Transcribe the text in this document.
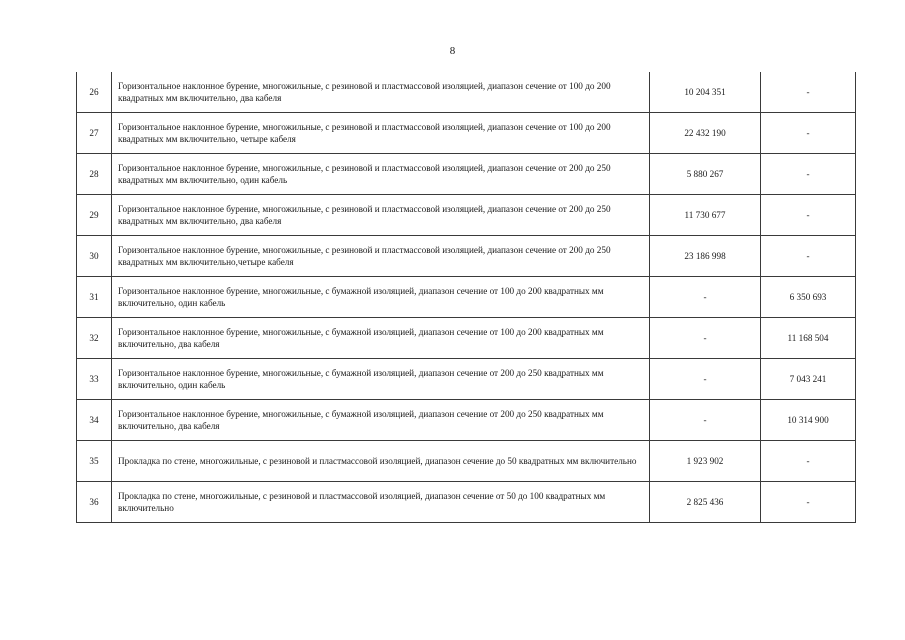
8
26	Горизонтальное наклонное бурение, многожильные, с резиновой и пластмассовой изоляцией, диапазон сечение от 100 до 200 квадратных мм включительно, два кабеля	10 204 351	-
27	Горизонтальное наклонное бурение, многожильные, с резиновой и пластмассовой изоляцией, диапазон сечение от 100 до 200 квадратных мм включительно, четыре кабеля	22 432 190	-
28	Горизонтальное наклонное бурение, многожильные, с резиновой и пластмассовой изоляцией, диапазон сечение от 200 до 250 квадратных мм включительно, один кабель	5 880 267	-
29	Горизонтальное наклонное бурение, многожильные, с резиновой и пластмассовой изоляцией, диапазон сечение от 200 до 250 квадратных мм включительно, два кабеля	11 730 677	-
30	Горизонтальное наклонное бурение, многожильные, с резиновой и пластмассовой изоляцией, диапазон сечение от 200 до 250 квадратных мм включительно,четыре кабеля	23 186 998	-
31	Горизонтальное наклонное бурение, многожильные, с бумажной изоляцией, диапазон сечение от 100 до 200 квадратных мм включительно, один кабель	-	6 350 693
32	Горизонтальное наклонное бурение, многожильные, с бумажной изоляцией, диапазон сечение от 100 до 200 квадратных мм включительно, два кабеля	-	11 168 504
33	Горизонтальное наклонное бурение, многожильные, с бумажной изоляцией, диапазон сечение от 200 до 250 квадратных мм включительно, один кабель	-	7 043 241
34	Горизонтальное наклонное бурение, многожильные, с бумажной изоляцией, диапазон сечение от 200 до 250 квадратных мм включительно, два кабеля	-	10 314 900
35	Прокладка по стене, многожильные, с резиновой и пластмассовой изоляцией, диапазон сечение до 50 квадратных мм включительно	1 923 902	-
36	Прокладка по стене, многожильные, с резиновой и пластмассовой изоляцией, диапазон сечение от 50 до 100 квадратных мм включительно	2 825 436	-
